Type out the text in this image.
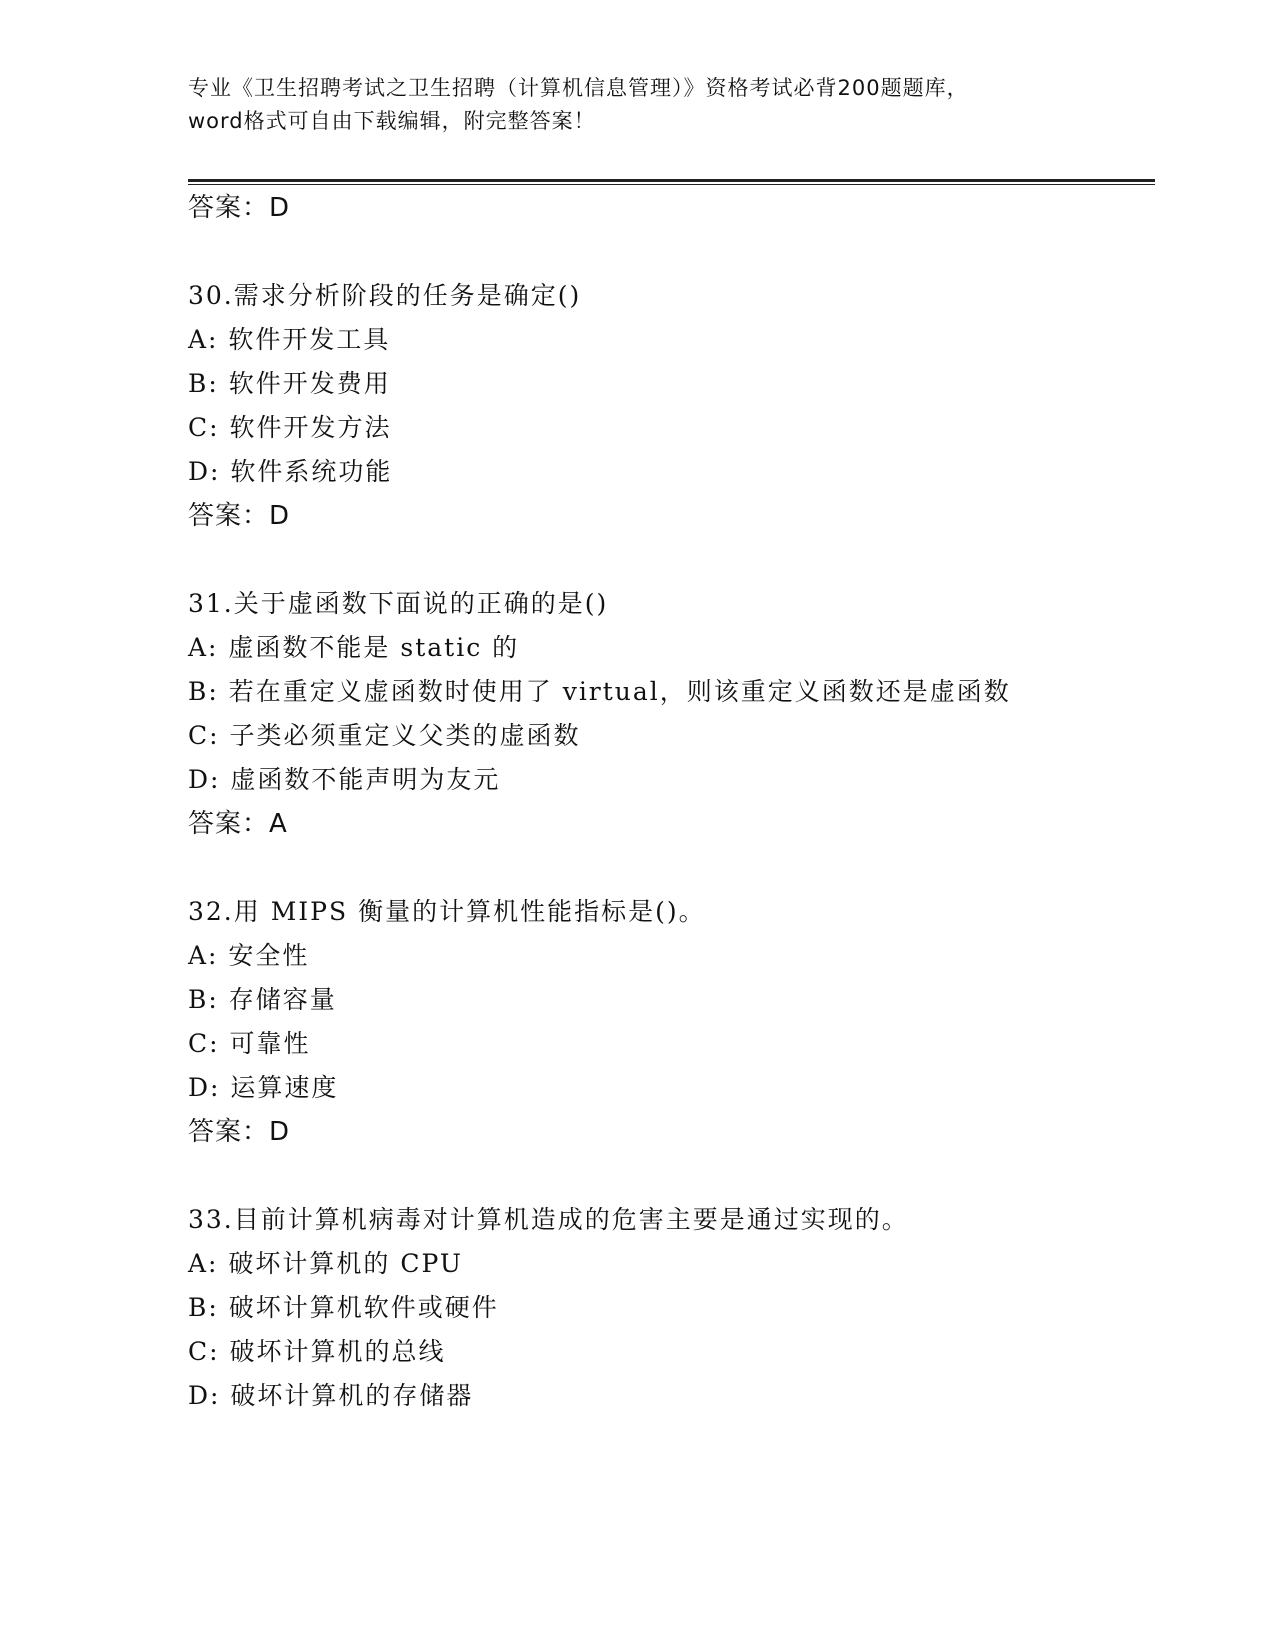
专业《卫生招聘考试之卫生招聘（计算机信息管理）》资格考试必背200题题库，
word格式可自由下载编辑，附完整答案！
答案：D
30.需求分析阶段的任务是确定()
A: 软件开发工具
B: 软件开发费用
C: 软件开发方法
D: 软件系统功能
答案：D
31.关于虚函数下面说的正确的是()
A: 虚函数不能是 static 的
B: 若在重定义虚函数时使用了 virtual，则该重定义函数还是虚函数
C: 子类必须重定义父类的虚函数
D: 虚函数不能声明为友元
答案：A
32.用 MIPS 衡量的计算机性能指标是()。
A: 安全性
B: 存储容量
C: 可靠性
D: 运算速度
答案：D
33.目前计算机病毒对计算机造成的危害主要是通过实现的。
A: 破坏计算机的 CPU
B: 破坏计算机软件或硬件
C: 破坏计算机的总线
D: 破坏计算机的存储器
